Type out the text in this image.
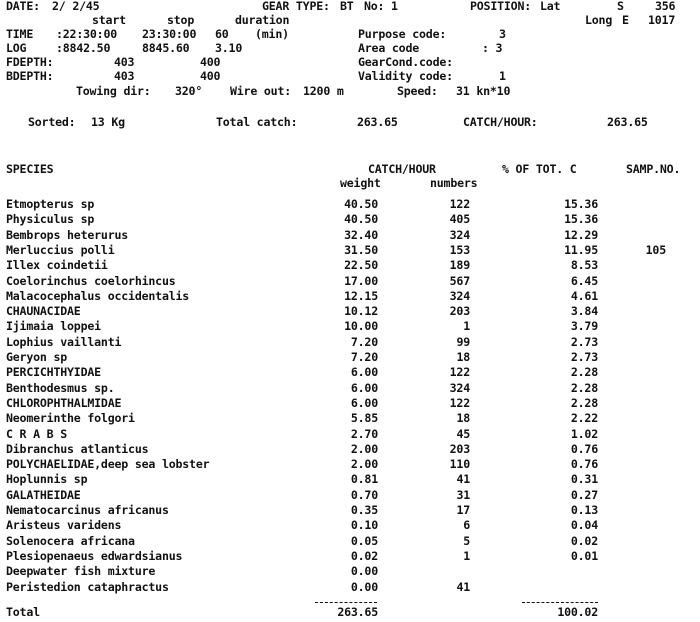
DATE: 2/ 2/45	GEAR TYPE: BT No: 1	POSITION: Lat	S	356
start	stop	duration	Long E 1017
TIME :22:30:00 23:30:00 60 (min)	Purpose code:	3
LOG	:8842.50	8845.60 3.10	Area code	: 3
FDEPTH:	403	400	GearCond.code:
BDEPTH:	403	400	Validity code:	1
Towing dir: 320° Wire out: 1200 m	Speed: 31 kn*10
Sorted: 13 Kg	Total catch:	263.65	CATCH/HOUR:	263.65
SPECIES	CATCH/HOUR	% OF TOT. C	SAMP.NO.
weight	numbers
Etmopterus sp	40.50	122	15.36
Physiculus sp	40.50	405	15.36
Bembrops heterurus	32.40	324	12.29
Merluccius polli	31.50	153	11.95	105
Illex coindetii	22.50	189	8.53
Coelorinchus coelorhincus	17.00	567	6.45
Malacocephalus occidentalis	12.15	324	4.61
CHAUNACIDAE	10.12	203	3.84
Ijimaia loppei	10.00	1	3.79
Lophius vaillanti	7.20	99	2.73
Geryon sp	7.20	18	2.73
PERCICHTHYIDAE	6.00	122	2.28
Benthodesmus sp.	6.00	324	2.28
CHLOROPHTHALMIDAE	6.00	122	2.28
Neomerinthe folgori	5.85	18	2.22
C R A B S	2.70	45	1.02
Dibranchus atlanticus	2.00	203	0.76
POLYCHAELIDAE,deep sea lobster	2.00	110	0.76
Hoplunnis sp	0.81	41	0.31
GALATHEIDAE	0.70	31	0.27
Nematocarcinus africanus	0.35	17	0.13
Aristeus varidens	0.10	6	0.04
Solenocera africana	0.05	5	0.02
Plesiopenaeus edwardsianus	0.02	1	0.01
Deepwater fish mixture	0.00
Peristedion cataphractus	0.00	41
Total	263.65	100.02
